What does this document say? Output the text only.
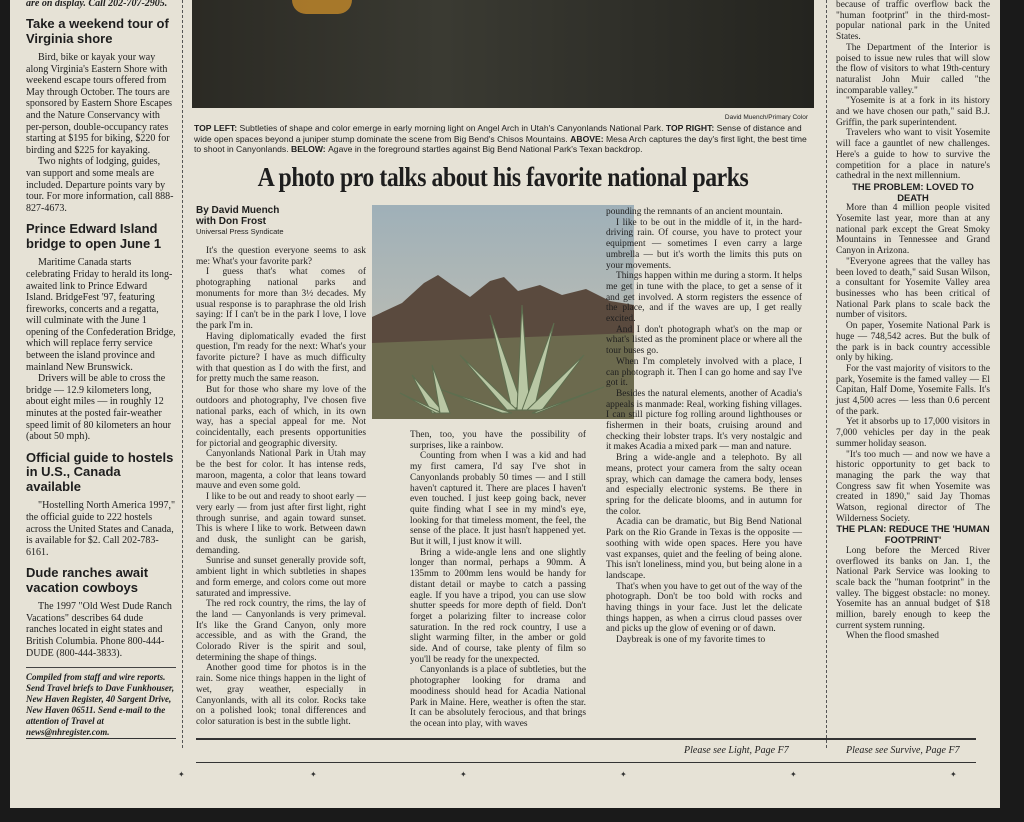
are on display. Call 202-707-2905.
Take a weekend tour of Virginia shore

Bird, bike or kayak your way along Virginia's Eastern Shore with weekend escape tours offered from May through October. The tours are sponsored by Eastern Shore Escapes and the Nature Conservancy with per-person, double-occupancy rates starting at $195 for biking, $220 for birding and $225 for kayaking.

Two nights of lodging, guides, van support and some meals are included. Departure points vary by tour. For more information, call 888-827-4673.

Prince Edward Island bridge to open June 1

Maritime Canada starts celebrating Friday to herald its long-awaited link to Prince Edward Island. BridgeFest '97, featuring fireworks, concerts and a regatta, will culminate with the June 1 opening of the Confederation Bridge, which will replace ferry service between the island province and mainland New Brunswick.

Drivers will be able to cross the bridge — 12.9 kilometers long, about eight miles — in roughly 12 minutes at the posted fair-weather speed limit of 80 kilometers an hour (about 50 mph).

Official guide to hostels in U.S., Canada available

"Hostelling North America 1997," the official guide to 222 hostels across the United States and Canada, is available for $2. Call 202-783-6161.

Dude ranches await vacation cowboys

The 1997 "Old West Dude Ranch Vacations" describes 64 dude ranches located in eight states and British Columbia. Phone 800-444-DUDE (800-444-3833).

Compiled from staff and wire reports. Send Travel briefs to Dave Funkhouser, New Haven Register, 40 Sargent Drive, New Haven 06511. Send e-mail to the attention of Travel at news@nhregister.com.

David Muench/Primary Color
TOP LEFT: Subtleties of shape and color emerge in early morning light on Angel Arch in Utah's Canyonlands National Park. TOP RIGHT: Sense of distance and wide open spaces beyond a juniper stump dominate the scene from Big Bend's Chisos Mountains. ABOVE: Mesa Arch captures the day's first light, the best time to shoot in Canyonlands. BELOW: Agave in the foreground startles against Big Bend National Park's Texan backdrop.
A photo pro talks about his favorite national parks
By David Muench
with Don Frost
Universal Press Syndicate

It's the question everyone seems to ask me: What's your favorite park?

I guess that's what comes of photographing national parks and monuments for more than 3½ decades. My usual response is to paraphrase the old Irish saying: If I can't be in the park I love, I love the park I'm in.

Having diplomatically evaded the first question, I'm ready for the next: What's your favorite picture? I have as much difficulty with that question as I do with the first, and for pretty much the same reason.

But for those who share my love of the outdoors and photography, I've chosen five national parks, each of which, in its own way, has a special appeal for me. Not coincidentally, each presents opportunities for pictorial and geographic diversity.

Canyonlands National Park in Utah may be the best for color. It has intense reds, maroon, magenta, a color that leans toward mauve and even some gold.

I like to be out and ready to shoot early — very early — from just after first light, right through sunrise, and again toward sunset. This is where I like to work. Between dawn and dusk, the sunlight can be garish, demanding.

Sunrise and sunset generally provide soft, ambient light in which subtleties in shapes and form emerge, and colors come out more saturated and impressive.

The red rock country, the rims, the lay of the land — Canyonlands is very primeval. It's like the Grand Canyon, only more accessible, and as with the Grand, the Colorado River is the spirit and soul, determining the shape of things.

Another good time for photos is in the rain. Some nice things happen in the light of wet, gray weather, especially in Canyonlands, with all its color. Rocks take on a polished look; tonal differences and color saturation is best in the subtle light.

Then, too, you have the possibility of surprises, like a rainbow.

Counting from when I was a kid and had my first camera, I'd say I've shot in Canyonlands probably 50 times — and I still haven't captured it. There are places I haven't even touched. I just keep going back, never quite finding what I see in my mind's eye, looking for that timeless moment, the feel, the sense of the place. It just hasn't happened yet. But it will, I just know it will.

Bring a wide-angle lens and one slightly longer than normal, perhaps a 90mm. A 135mm to 200mm lens would be handy for distant detail or maybe to catch a passing eagle. If you have a tripod, you can use slow shutter speeds for more depth of field. Don't forget a polarizing filter to increase color saturation. In the red rock country, I use a slight warming filter, in the amber or gold side. And of course, take plenty of film so you'll be ready for the unexpected.

Canyonlands is a place of subtleties, but the photographer looking for drama and moodiness should head for Acadia National Park in Maine. Here, weather is often the star. It can be absolutely ferocious, and that brings the ocean into play, with waves

pounding the remnants of an ancient mountain.

I like to be out in the middle of it, in the hard-driving rain. Of course, you have to protect your equipment — sometimes I even carry a large umbrella — but it's worth the limits this puts on your movements.

Things happen within me during a storm. It helps me get in tune with the place, to get a sense of it and get involved. A storm registers the essence of the place, and if the waves are up, I get really excited.

And I don't photograph what's on the map or what's listed as the prominent place or where all the tour buses go.

When I'm completely involved with a place, I can photograph it. Then I can go home and say I've got it.

Besides the natural elements, another of Acadia's appeals is manmade: Real, working fishing villages. I can still picture fog rolling around lighthouses or fishermen in their boats, cruising around and checking their lobster traps. It's very nostalgic and it makes Acadia a mixed park — man and nature.

Bring a wide-angle and a telephoto. By all means, protect your camera from the salty ocean spray, which can damage the camera body, lenses and especially electronic systems. Be there in spring for the delicate blooms, and in autumn for the color.

Acadia can be dramatic, but Big Bend National Park on the Rio Grande in Texas is the opposite — soothing with wide open spaces. Here you have vast expanses, quiet and the feeling of being alone. This isn't loneliness, mind you, but being alone in a landscape.

That's when you have to get out of the way of the photograph. Don't be too bold with rocks and having things in your face. Just let the delicate things happen, as when a cirrus cloud passes over and picks up the glow of evening or of dawn.

Daybreak is one of my favorite times to

Please see Light, Page F7

because of traffic overflow back the "human footprint" in the third-most-popular national park in the United States.

The Department of the Interior is poised to issue new rules that will slow the flow of visitors to what 19th-century naturalist John Muir called "the incomparable valley."

"Yosemite is at a fork in its history and we have chosen our path," said B.J. Griffin, the park superintendent.

Travelers who want to visit Yosemite will face a gauntlet of new challenges. Here's a guide to how to survive the competition for a place in nature's cathedral in the next millennium.

THE PROBLEM: LOVED TO DEATH

More than 4 million people visited Yosemite last year, more than at any national park except the Great Smoky Mountains in Tennessee and Grand Canyon in Arizona.

"Everyone agrees that the valley has been loved to death," said Susan Wilson, a consultant for Yosemite Valley area businesses who has been critical of National Park plans to scale back the number of visitors.

On paper, Yosemite National Park is huge — 748,542 acres. But the bulk of the park is in back country accessible only by hiking.

For the vast majority of visitors to the park, Yosemite is the famed valley — El Capitan, Half Dome, Yosemite Falls. It's just 4,500 acres — less than 0.6 percent of the park.

Yet it absorbs up to 17,000 visitors in 7,000 vehicles per day in the peak summer holiday season.

"It's too much — and now we have a historic opportunity to get back to managing the park the way that Congress saw fit when Yosemite was created in 1890," said Jay Thomas Watson, regional director of The Wilderness Society.

THE PLAN: REDUCE THE 'HUMAN FOOTPRINT'

Long before the Merced River overflowed its banks on Jan. 1, the National Park Service was looking to scale back the "human footprint" in the valley. The biggest obstacle: no money. Yosemite has an annual budget of $18 million, barely enough to keep the current system running.

When the flood smashed

Please see Survive, Page F7
✦	✦	✦	✦	✦	✦
